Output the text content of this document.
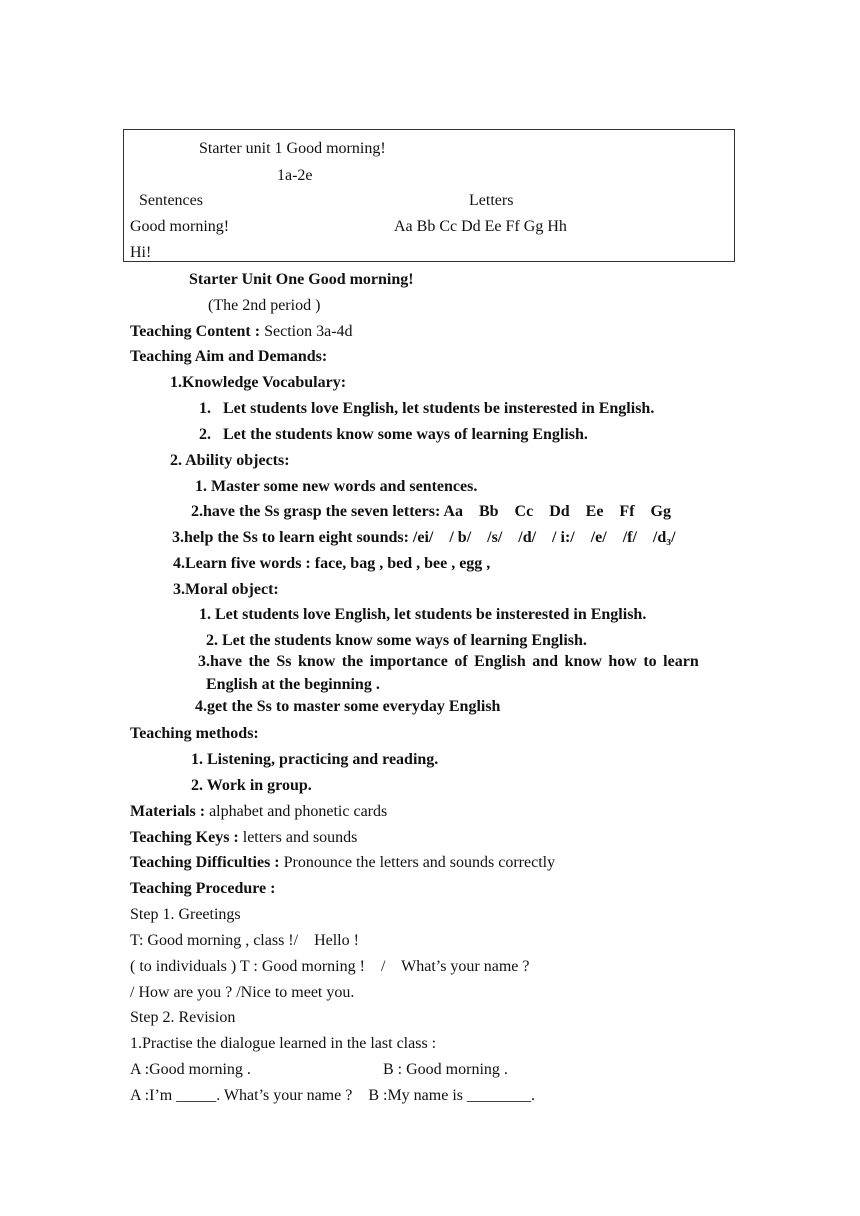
Starter unit 1 Good morning!
1a-2e
Sentences	Letters
Good morning!	Aa Bb Cc Dd Ee Ff Gg Hh
Hi!
Starter Unit One Good morning!
(The 2nd period )
Teaching Content : Section 3a-4d
Teaching Aim and Demands:
1.Knowledge Vocabulary:
1.   Let students love English, let students be insterested in English.
2.   Let the students know some ways of learning English.
2. Ability objects:
1. Master some new words and sentences.
2.have the Ss grasp the seven letters: Aa    Bb    Cc    Dd    Ee    Ff    Gg
3.help the Ss to learn eight sounds: /ei/    / b/    /s/    /d/    / i:/    /e/    /f/    /d₃/
4.Learn five words : face, bag , bed , bee , egg ,
3.Moral object:
1. Let students love English, let students be insterested in English.
2. Let the students know some ways of learning English.
3.have the Ss know the importance of English and know how to learn
English at the beginning .
4.get the Ss to master some everyday English
Teaching methods:
1. Listening, practicing and reading.
2. Work in group.
Materials : alphabet and phonetic cards
Teaching Keys : letters and sounds
Teaching Difficulties : Pronounce the letters and sounds correctly
Teaching Procedure :
Step 1. Greetings
T: Good morning , class !/    Hello !
( to individuals ) T : Good morning !    /    What’s your name ?
/ How are you ? /Nice to meet you.
Step 2. Revision
1.Practise the dialogue learned in the last class :
A :Good morning .	B : Good morning .
A :I’m _____. What’s your name ?    B :My name is ________.
